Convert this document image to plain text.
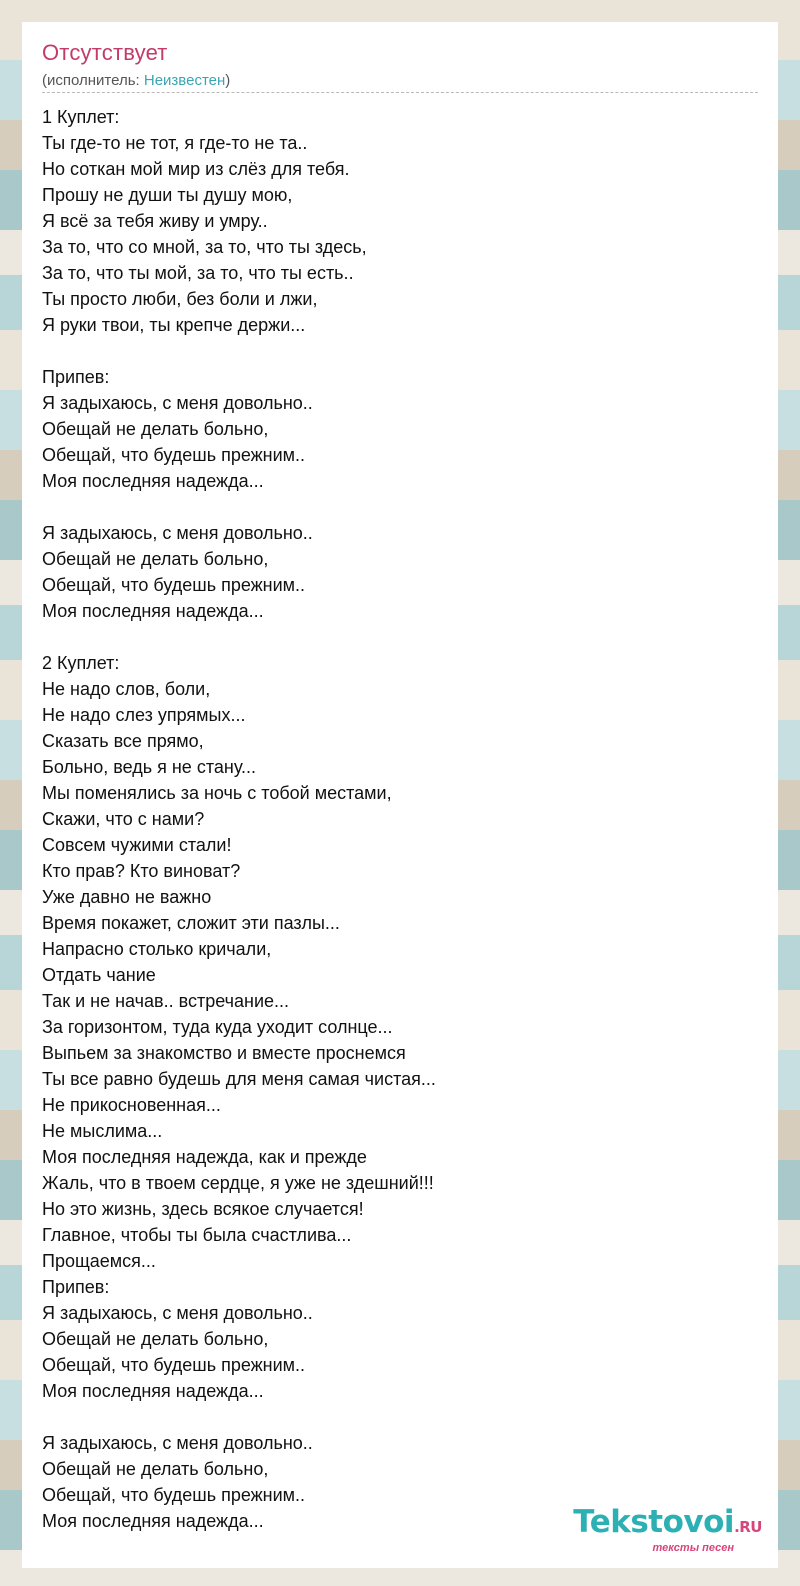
Отсутствует
(исполнитель: Неизвестен)
1 Куплет:
Ты где-то не тот, я где-то не та..
Но соткан мой мир из слёз для тебя.
Прошу не души ты душу мою,
Я всё за тебя живу и умру..
За то, что со мной, за то, что ты здесь,
За то, что ты мой, за то, что ты есть..
Ты просто люби, без боли и лжи,
Я руки твои, ты крепче держи...

Припев:
Я задыхаюсь, с меня довольно..
Обещай не делать больно,
Обещай, что будешь прежним..
Моя последняя надежда...

Я задыхаюсь, с меня довольно..
Обещай не делать больно,
Обещай, что будешь прежним..
Моя последняя надежда...

2 Куплет:
Не надо слов, боли,
Не надо слез упрямых...
Сказать все прямо,
Больно, ведь я не стану...
Мы поменялись за ночь с тобой местами,
Скажи, что с нами?
Совсем чужими стали!
Кто прав? Кто виноват?
Уже давно не важно
Время покажет, сложит эти пазлы...
Напрасно столько кричали,
Отдать чание
Так и не начав.. встречание...
За горизонтом, туда куда уходит солнце...
Выпьем за знакомство и вместе проснемся
Ты все равно будешь для меня самая чистая...
Не прикосновенная...
Не мыслима...
Моя последняя надежда, как и прежде
Жаль, что в твоем сердце, я уже не здешний!!!
Но это жизнь, здесь всякое случается!
Главное, чтобы ты была счастлива...
Прощаемся...
Припев:
Я задыхаюсь, с меня довольно..
Обещай не делать больно,
Обещай, что будешь прежним..
Моя последняя надежда...

Я задыхаюсь, с меня довольно..
Обещай не делать больно,
Обещай, что будешь прежним..
Моя последняя надежда...	Tekstovoi.RU
тексты песен
